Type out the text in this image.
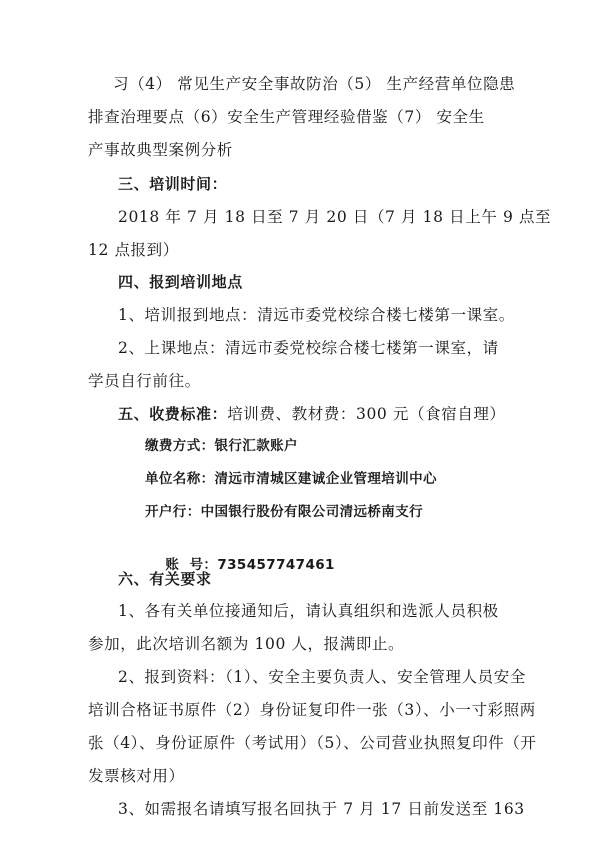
习（4） 常见生产安全事故防治（5） 生产经营单位隐患
排查治理要点（6）安全生产管理经验借鉴（7） 安全生
产事故典型案例分析
三、培训时间：
2018 年 7 月 18 日至 7 月 20 日（7 月 18 日上午 9 点至
12 点报到）
四、报到培训地点
1、培训报到地点：清远市委党校综合楼七楼第一课室。
2、上课地点：清远市委党校综合楼七楼第一课室，请
学员自行前往。
五、收费标准：培训费、教材费：300 元（食宿自理）
缴费方式：银行汇款账户
单位名称：清远市清城区建诚企业管理培训中心
开户行：中国银行股份有限公司清远桥南支行

账  号：735457747461

六、有关要求
1、各有关单位接通知后，请认真组织和选派人员积极
参加，此次培训名额为 100 人，报满即止。
2、报到资料：（1）、安全主要负责人、安全管理人员安全
培训合格证书原件（2）身份证复印件一张（3）、小一寸彩照两
张（4）、身份证原件（考试用）（5）、公司营业执照复印件（开
发票核对用）
3、如需报名请填写报名回执于 7 月 17 日前发送至 163
